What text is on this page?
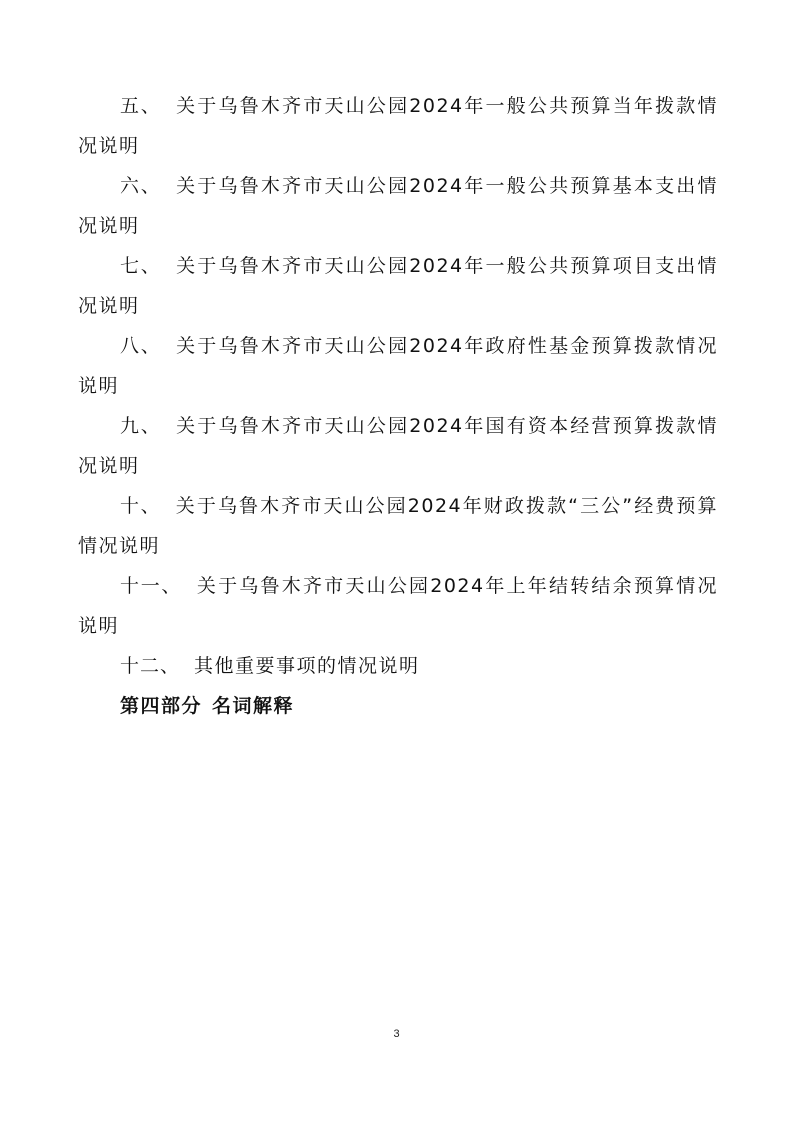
五、 关于乌鲁木齐市天山公园2024年一般公共预算当年拨款情况说明

六、 关于乌鲁木齐市天山公园2024年一般公共预算基本支出情况说明

七、 关于乌鲁木齐市天山公园2024年一般公共预算项目支出情况说明

八、 关于乌鲁木齐市天山公园2024年政府性基金预算拨款情况说明

九、 关于乌鲁木齐市天山公园2024年国有资本经营预算拨款情况说明

十、 关于乌鲁木齐市天山公园2024年财政拨款“三公”经费预算情况说明

十一、 关于乌鲁木齐市天山公园2024年上年结转结余预算情况说明

十二、 其他重要事项的情况说明

第四部分 名词解释

3
